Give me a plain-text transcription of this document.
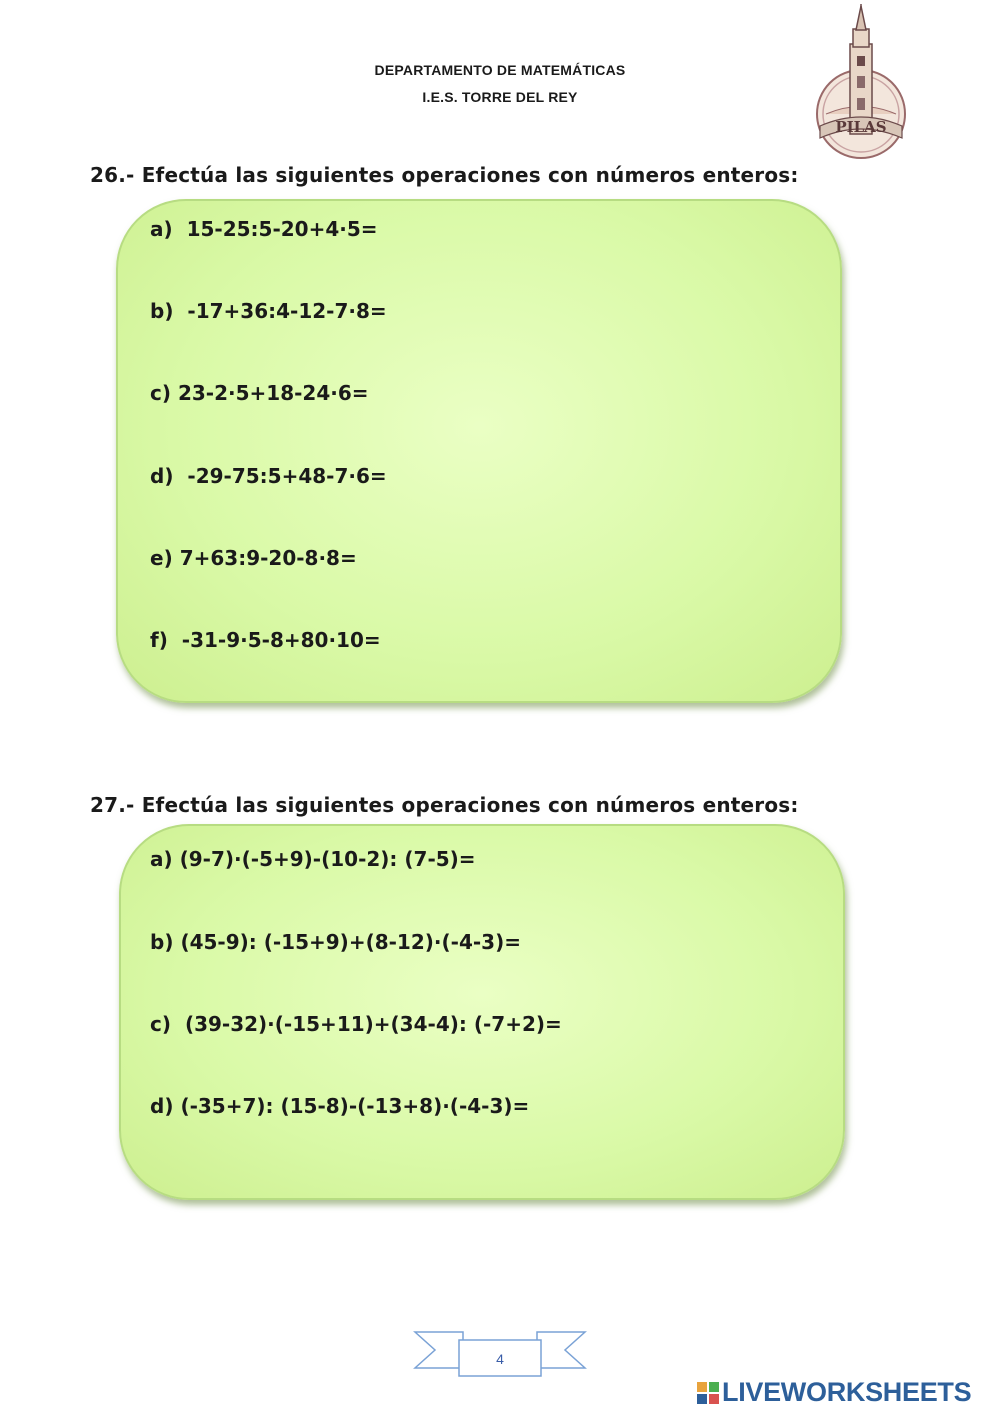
DEPARTAMENTO DE MATEMÁTICAS
I.E.S. TORRE DEL REY
PILAS
26.- Efectúa las siguientes operaciones con números enteros:
a) 15-25:5-20+4·5=
b) -17+36:4-12-7·8=
c) 23-2·5+18-24·6=
d) -29-75:5+48-7·6=
e) 7+63:9-20-8·8=
f) -31-9·5-8+80·10=
27.- Efectúa las siguientes operaciones con números enteros:
a) (9-7)·(-5+9)-(10-2): (7-5)=
b) (45-9): (-15+9)+(8-12)·(-4-3)=
c) (39-32)·(-15+11)+(34-4): (-7+2)=
d) (-35+7): (15-8)-(-13+8)·(-4-3)=
4
LIVEWORKSHEETS
